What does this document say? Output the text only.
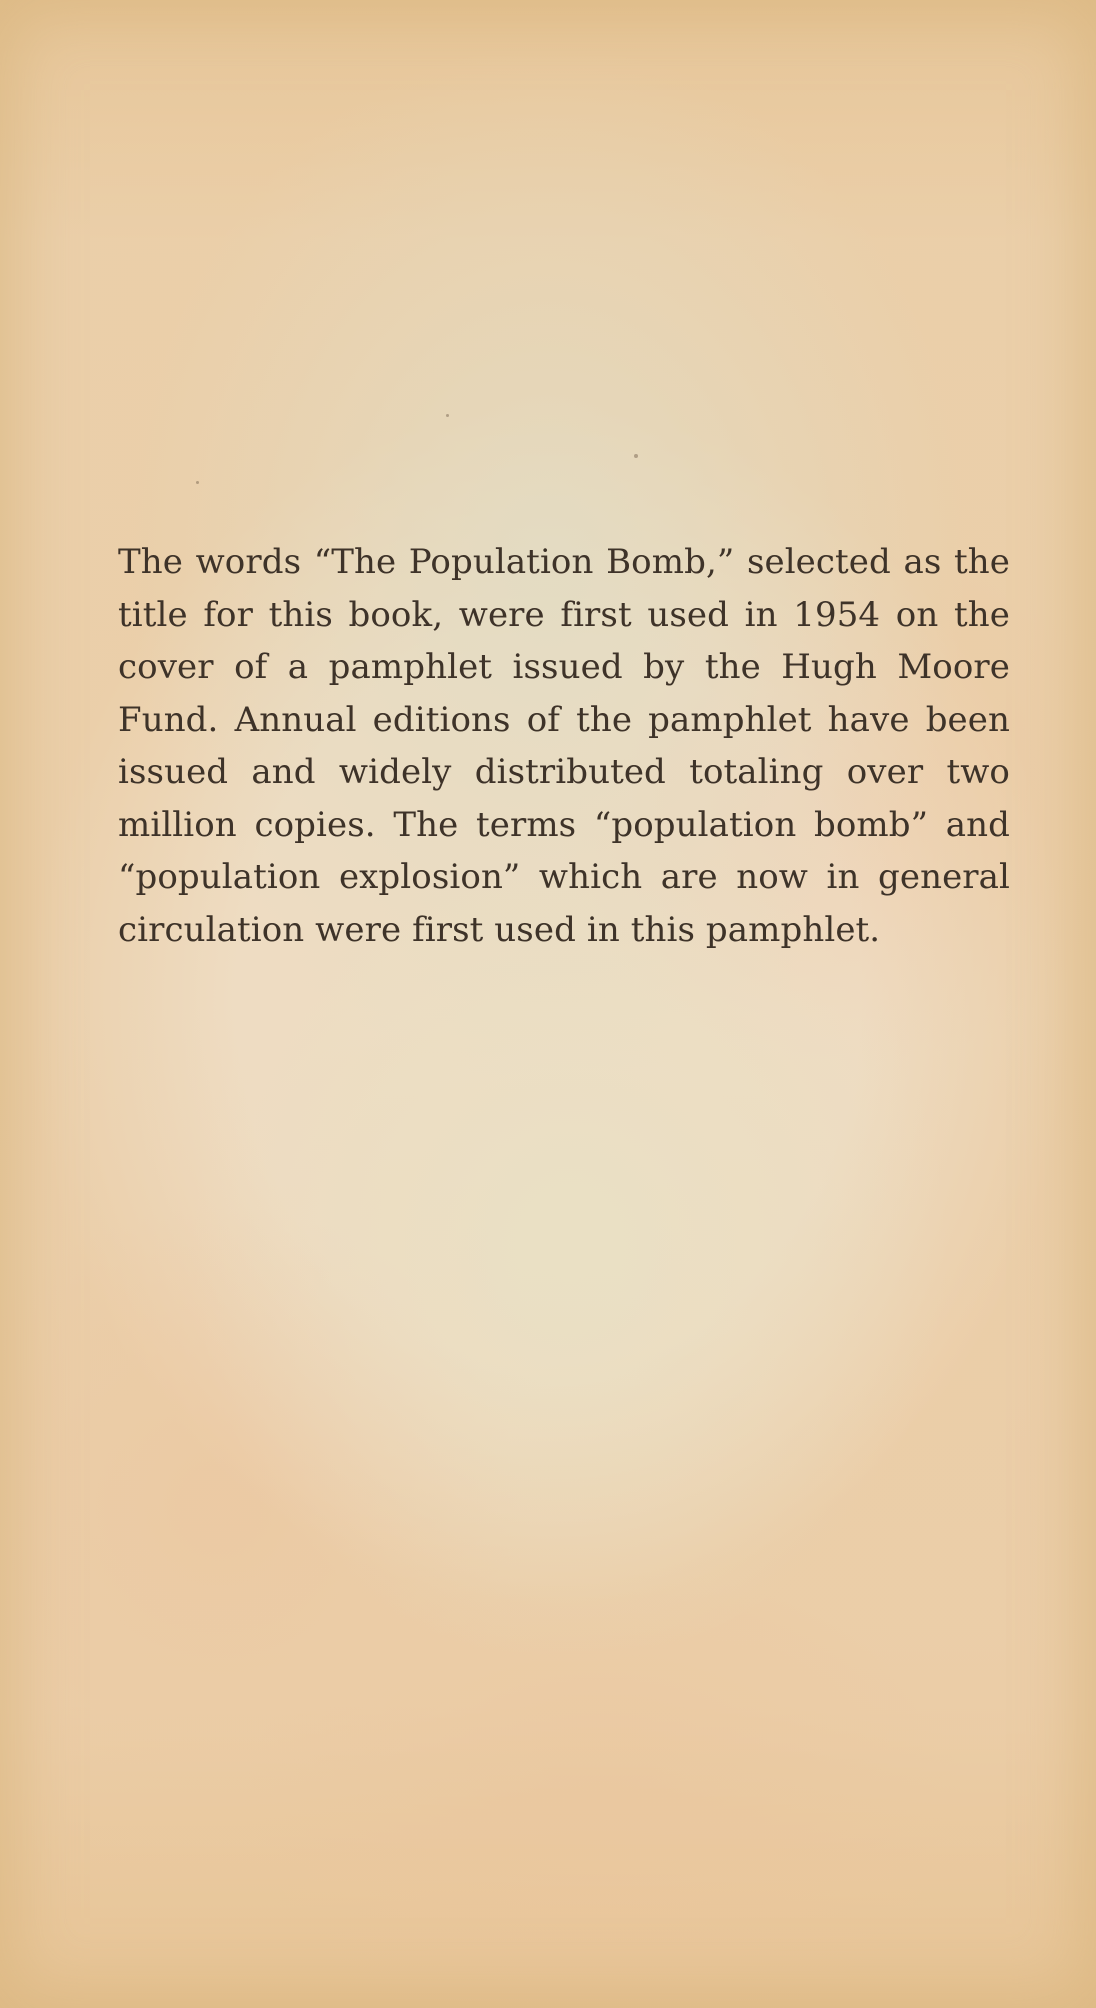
The words “The Population Bomb,” selected as the title for this book, were first used in 1954 on the cover of a pamphlet issued by the Hugh Moore Fund. Annual editions of the pamphlet have been issued and widely distributed totaling over two million copies. The terms “population bomb” and “population explosion” which are now in general circulation were first used in this pamphlet.
